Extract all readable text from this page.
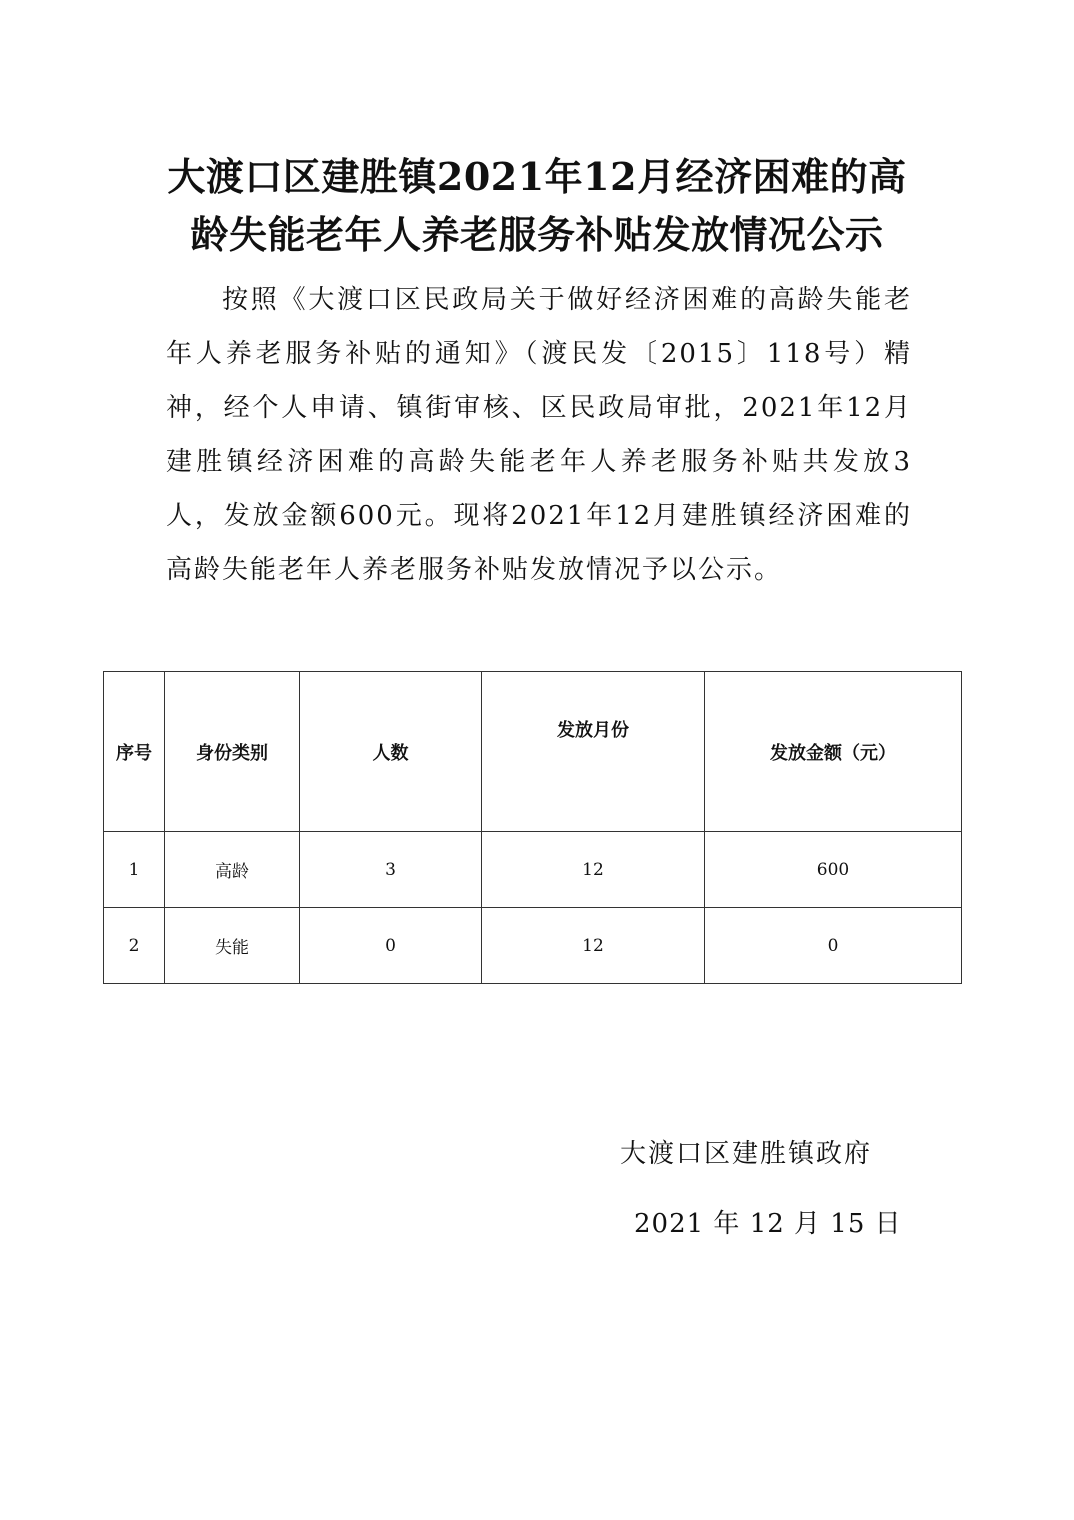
大渡口区建胜镇2021年12月经济困难的高
龄失能老年人养老服务补贴发放情况公示

按照《大渡口区民政局关于做好经济困难的高龄失能老年人养老服务补贴的通知》（渡民发〔2015〕118号）精神，经个人申请、镇街审核、区民政局审批，2021年12月建胜镇经济困难的高龄失能老年人养老服务补贴共发放3人，发放金额600元。现将2021年12月建胜镇经济困难的高龄失能老年人养老服务补贴发放情况予以公示。

序号	身份类别	人数	发放月份	发放金额（元）
1	高龄	3	12	600
2	失能	0	12	0

大渡口区建胜镇政府

2021 年 12 月 15 日
